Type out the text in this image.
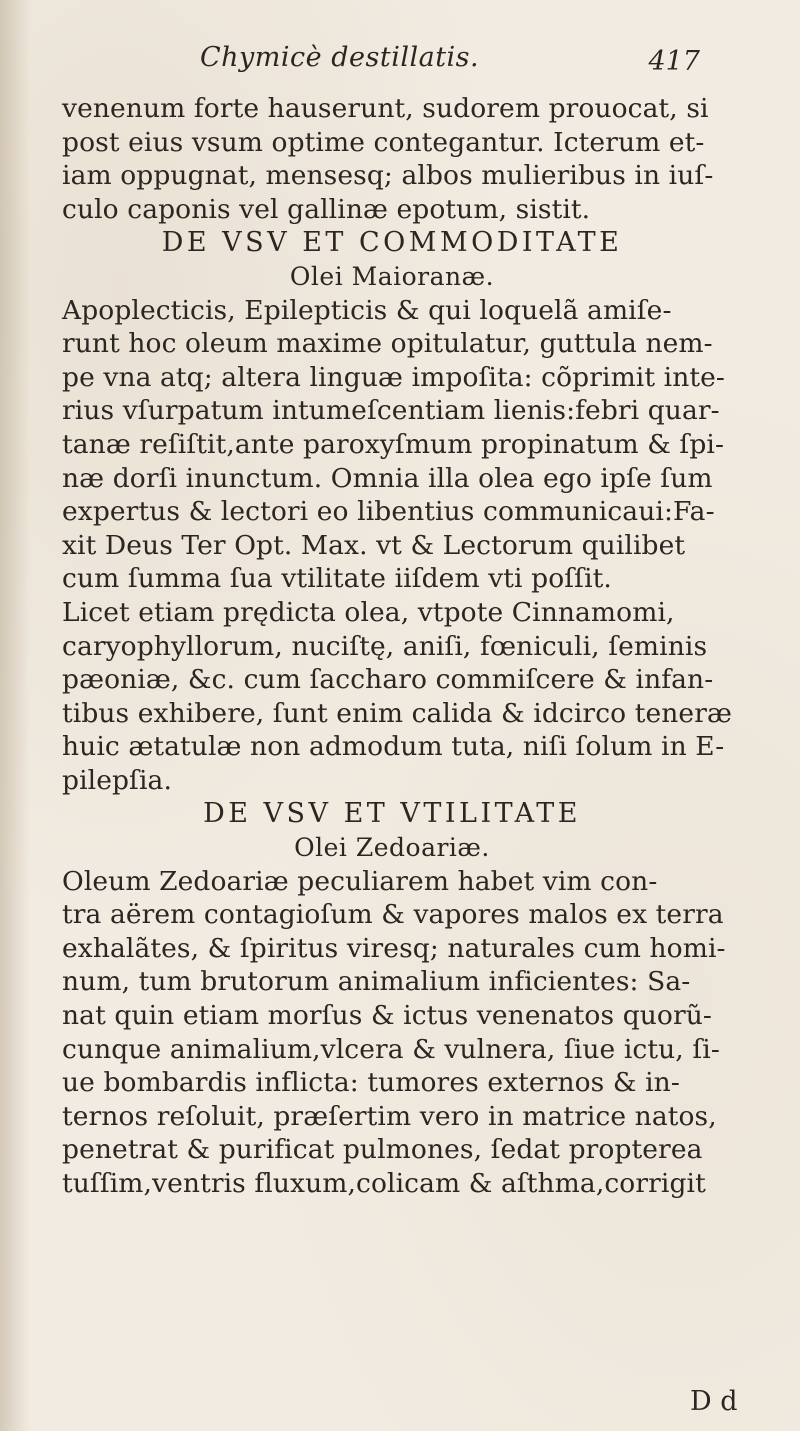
Chymicè destillatis.	417
venenum forte hauserunt, sudorem prouocat, si
post eius vsum optime contegantur. Icterum et-
iam oppugnat, mensesq; albos mulieribus in iuſ-
culo caponis vel gallinæ epotum, sistit.
DE VSV ET COMMODITATE
Olei Maioranæ.
Apoplecticis, Epilepticis & qui loquelã amiſe-
runt hoc oleum maxime opitulatur, guttula nem-
pe vna atq; altera linguæ impoſita: cõprimit inte-
rius vſurpatum intumeſcentiam lienis:febri quar-
tanæ reſiſtit,ante paroxyſmum propinatum & ſpi-
næ dorſi inunctum. Omnia illa olea ego ipſe ſum
expertus & lectori eo libentius communicaui:Fa-
xit Deus Ter Opt. Max. vt & Lectorum quilibet
cum ſumma ſua vtilitate iiſdem vti poſſit.
Licet etiam prędicta olea, vtpote Cinnamomi,
caryophyllorum, nuciſtę, aniſi, fœniculi, ſeminis
pæoniæ, &c. cum ſaccharo commiſcere & infan-
tibus exhibere, ſunt enim calida & idcirco teneræ
huic ætatulæ non admodum tuta, niſi ſolum in E-
pilepſia.
DE VSV ET VTILITATE
Olei Zedoariæ.
Oleum Zedoariæ peculiarem habet vim con-
tra aërem contagioſum & vapores malos ex terra
exhalãtes, & ſpiritus viresq; naturales cum homi-
num, tum brutorum animalium inficientes: Sa-
nat quin etiam morſus & ictus venenatos quorũ-
cunque animalium,vlcera & vulnera, ſiue ictu, ſi-
ue bombardis inflicta: tumores externos & in-
ternos reſoluit, præſertim vero in matrice natos,
penetrat & purificat pulmones, ſedat propterea
tuſſim,ventris fluxum,colicam & aſthma,corrigit
D d
